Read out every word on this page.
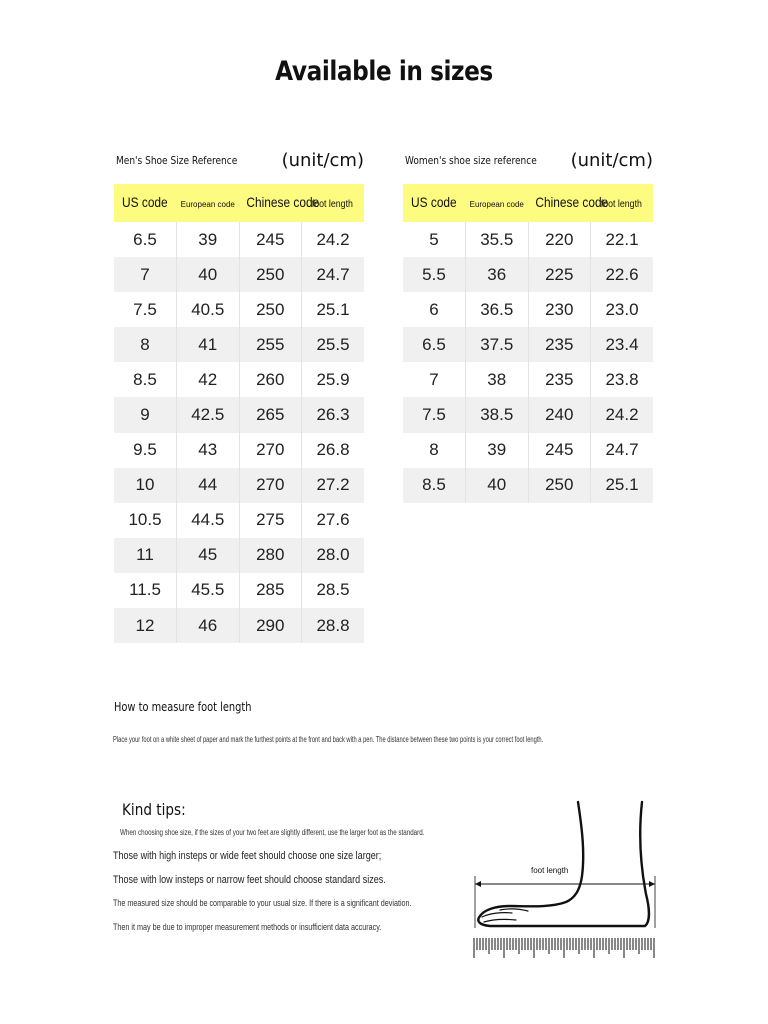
Available in sizes
Men's Shoe Size Reference (unit/cm)
US code	European code	Chinese code	foot length
6.5	39	245	24.2
7	40	250	24.7
7.5	40.5	250	25.1
8	41	255	25.5
8.5	42	260	25.9
9	42.5	265	26.3
9.5	43	270	26.8
10	44	270	27.2
10.5	44.5	275	27.6
11	45	280	28.0
11.5	45.5	285	28.5
12	46	290	28.8
Women's shoe size reference (unit/cm)
US code	European code	Chinese code	foot length
5	35.5	220	22.1
5.5	36	225	22.6
6	36.5	230	23.0
6.5	37.5	235	23.4
7	38	235	23.8
7.5	38.5	240	24.2
8	39	245	24.7
8.5	40	250	25.1
How to measure foot length
Place your foot on a white sheet of paper and mark the furthest points at the front and back with a pen. The distance between these two points is your correct foot length.
Kind tips:
When choosing shoe size, if the sizes of your two feet are slightly different, use the larger foot as the standard.
Those with high insteps or wide feet should choose one size larger;
Those with low insteps or narrow feet should choose standard sizes.
The measured size should be comparable to your usual size. If there is a significant deviation.
Then it may be due to improper measurement methods or insufficient data accuracy.
foot length
